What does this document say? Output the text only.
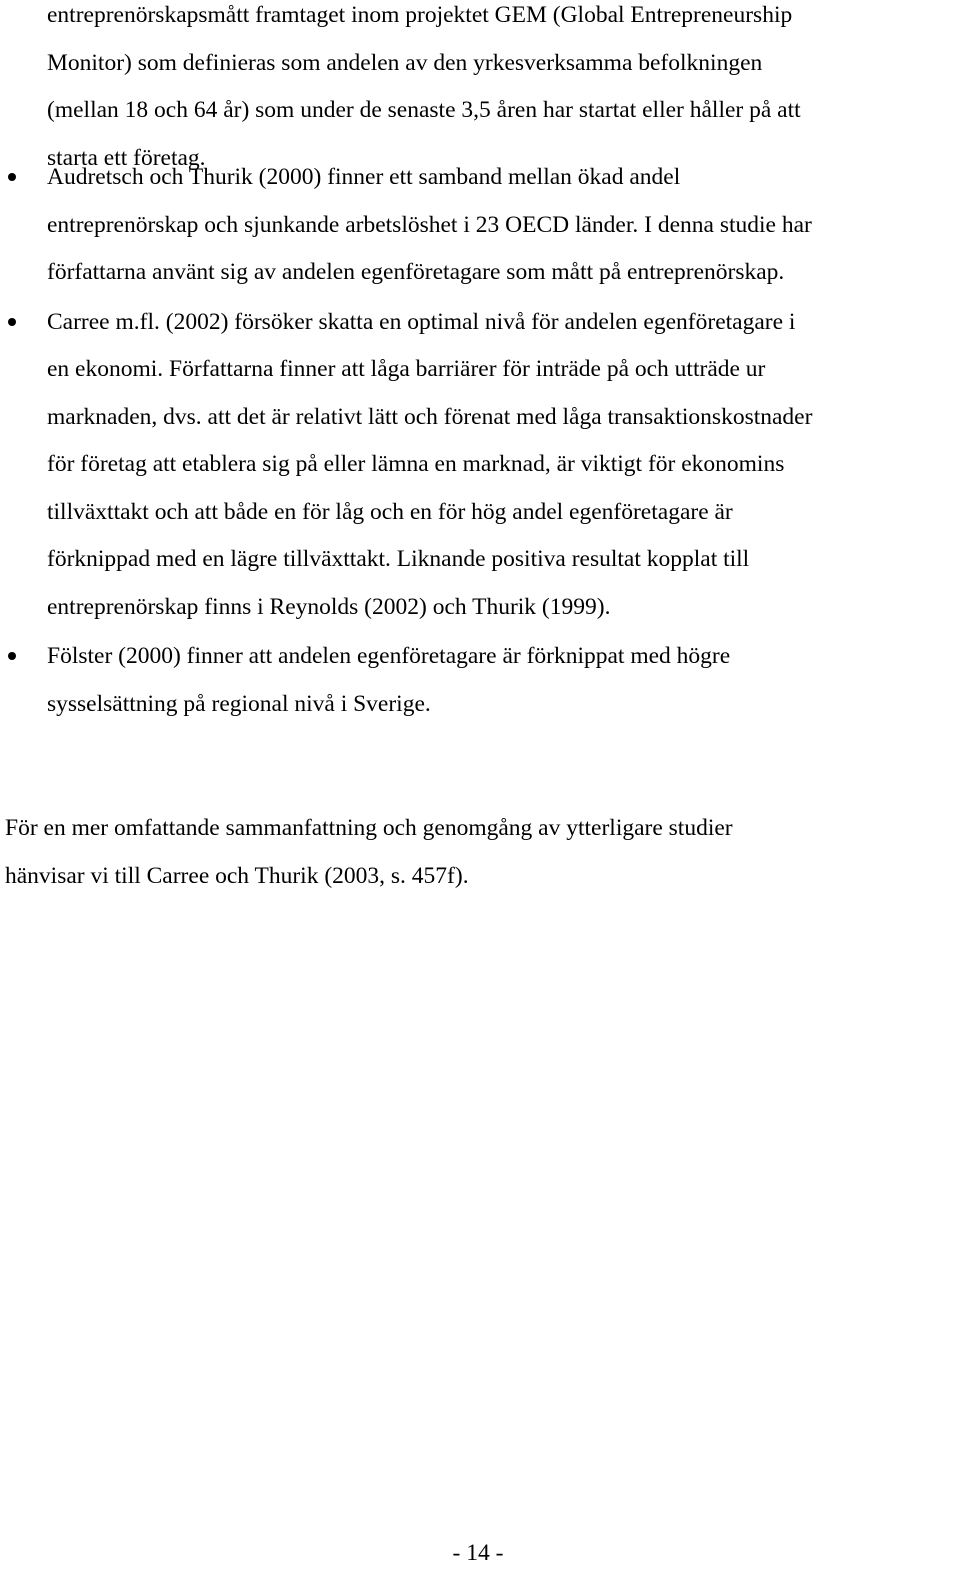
entreprenörskapsmått framtaget inom projektet GEM (Global Entrepreneurship
Monitor) som definieras som andelen av den yrkesverksamma befolkningen
(mellan 18 och 64 år) som under de senaste 3,5 åren har startat eller håller på att
starta ett företag.
Audretsch och Thurik (2000) finner ett samband mellan ökad andel
entreprenörskap och sjunkande arbetslöshet i 23 OECD länder. I denna studie har
författarna använt sig av andelen egenföretagare som mått på entreprenörskap.
Carree m.fl. (2002) försöker skatta en optimal nivå för andelen egenföretagare i
en ekonomi. Författarna finner att låga barriärer för inträde på och utträde ur
marknaden, dvs. att det är relativt lätt och förenat med låga transaktionskostnader
för företag att etablera sig på eller lämna en marknad, är viktigt för ekonomins
tillväxttakt och att både en för låg och en för hög andel egenföretagare är
förknippad med en lägre tillväxttakt. Liknande positiva resultat kopplat till
entreprenörskap finns i Reynolds (2002) och Thurik (1999).
Fölster (2000) finner att andelen egenföretagare är förknippat med högre
sysselsättning på regional nivå i Sverige.
För en mer omfattande sammanfattning och genomgång av ytterligare studier
hänvisar vi till Carree och Thurik (2003, s. 457f).
- 14 -
